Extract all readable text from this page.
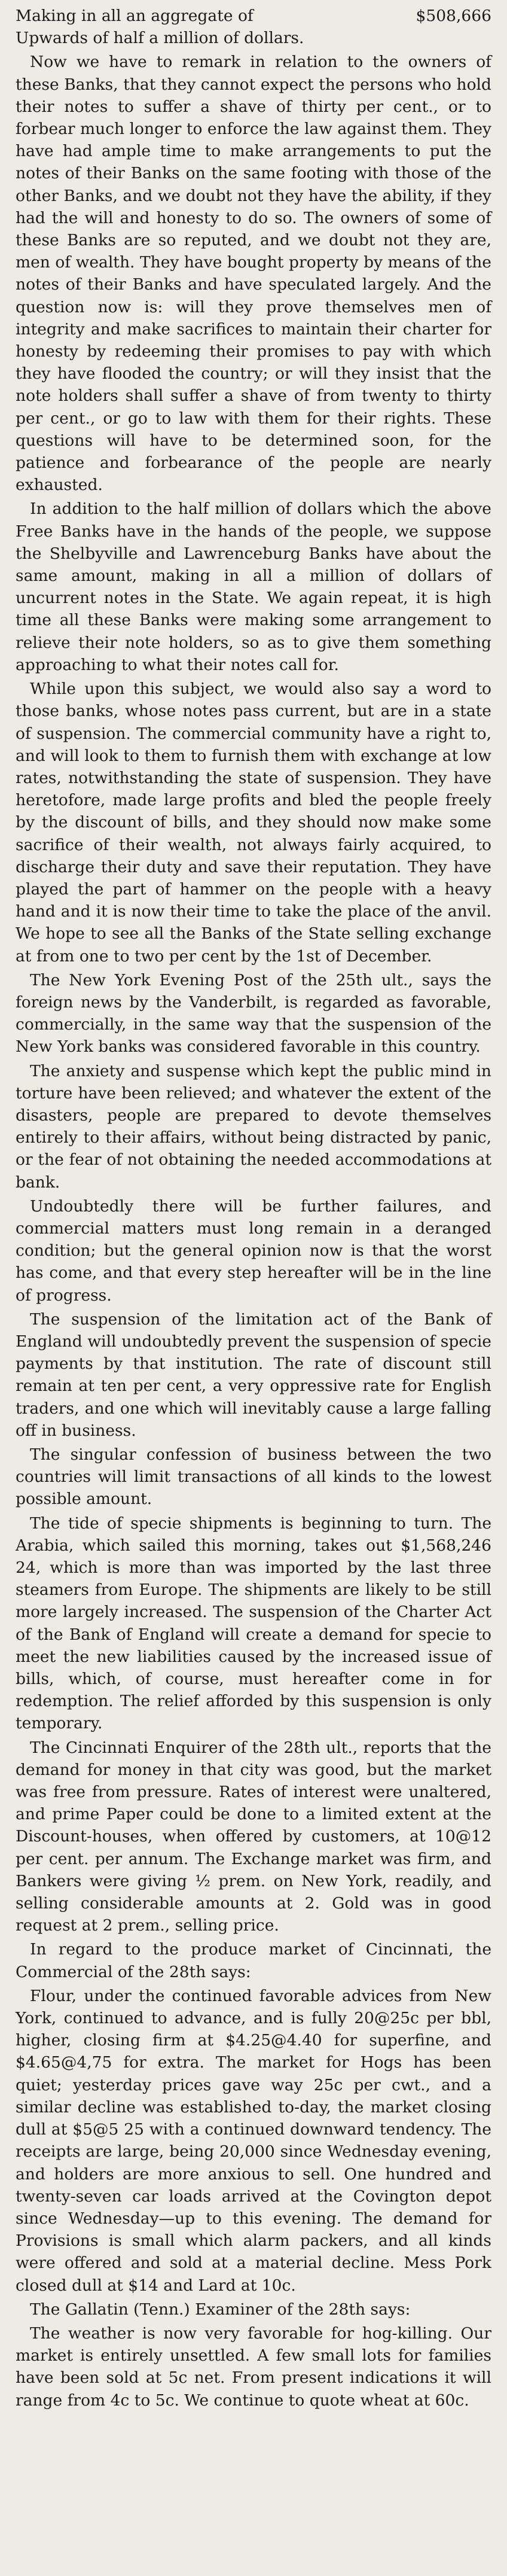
Making in all an aggregate of	$508,666

Upwards of half a million of dollars.

Now we have to remark in relation to the owners of these Banks, that they cannot expect the persons who hold their notes to suffer a shave of thirty per cent., or to forbear much longer to enforce the law against them. They have had ample time to make arrangements to put the notes of their Banks on the same footing with those of the other Banks, and we doubt not they have the ability, if they had the will and honesty to do so. The owners of some of these Banks are so reputed, and we doubt not they are, men of wealth. They have bought property by means of the notes of their Banks and have speculated largely. And the question now is: will they prove themselves men of integrity and make sacrifices to maintain their charter for honesty by redeeming their promises to pay with which they have flooded the country; or will they insist that the note holders shall suffer a shave of from twenty to thirty per cent., or go to law with them for their rights. These questions will have to be determined soon, for the patience and forbearance of the people are nearly exhausted.

In addition to the half million of dollars which the above Free Banks have in the hands of the people, we suppose the Shelbyville and Lawrenceburg Banks have about the same amount, making in all a million of dollars of uncurrent notes in the State. We again repeat, it is high time all these Banks were making some arrangement to relieve their note holders, so as to give them something approaching to what their notes call for.

While upon this subject, we would also say a word to those banks, whose notes pass current, but are in a state of suspension. The commercial community have a right to, and will look to them to furnish them with exchange at low rates, notwithstanding the state of suspension. They have heretofore, made large profits and bled the people freely by the discount of bills, and they should now make some sacrifice of their wealth, not always fairly acquired, to discharge their duty and save their reputation. They have played the part of hammer on the people with a heavy hand and it is now their time to take the place of the anvil. We hope to see all the Banks of the State selling exchange at from one to two per cent by the 1st of December.

The New York Evening Post of the 25th ult., says the foreign news by the Vanderbilt, is regarded as favorable, commercially, in the same way that the suspension of the New York banks was considered favorable in this country.

The anxiety and suspense which kept the public mind in torture have been relieved; and whatever the extent of the disasters, people are prepared to devote themselves entirely to their affairs, without being distracted by panic, or the fear of not obtaining the needed accommodations at bank.

Undoubtedly there will be further failures, and commercial matters must long remain in a deranged condition; but the general opinion now is that the worst has come, and that every step hereafter will be in the line of progress.

The suspension of the limitation act of the Bank of England will undoubtedly prevent the suspension of specie payments by that institution. The rate of discount still remain at ten per cent, a very oppressive rate for English traders, and one which will inevitably cause a large falling off in business.

The singular confession of business between the two countries will limit transactions of all kinds to the lowest possible amount.

The tide of specie shipments is beginning to turn. The Arabia, which sailed this morning, takes out $1,568,246 24, which is more than was imported by the last three steamers from Europe. The shipments are likely to be still more largely increased. The suspension of the Charter Act of the Bank of England will create a demand for specie to meet the new liabilities caused by the increased issue of bills, which, of course, must hereafter come in for redemption. The relief afforded by this suspension is only temporary.

The Cincinnati Enquirer of the 28th ult., reports that the demand for money in that city was good, but the market was free from pressure. Rates of interest were unaltered, and prime Paper could be done to a limited extent at the Discount-houses, when offered by customers, at 10@12 per cent. per annum. The Exchange market was firm, and Bankers were giving ½ prem. on New York, readily, and selling considerable amounts at 2. Gold was in good request at 2 prem., selling price.

In regard to the produce market of Cincinnati, the Commercial of the 28th says:

Flour, under the continued favorable advices from New York, continued to advance, and is fully 20@25c per bbl, higher, closing firm at $4.25@4.40 for superfine, and $4.65@4,75 for extra. The market for Hogs has been quiet; yesterday prices gave way 25c per cwt., and a similar decline was established to-day, the market closing dull at $5@5 25 with a continued downward tendency. The receipts are large, being 20,000 since Wednesday evening, and holders are more anxious to sell. One hundred and twenty-seven car loads arrived at the Covington depot since Wednesday—up to this evening. The demand for Provisions is small which alarm packers, and all kinds were offered and sold at a material decline. Mess Pork closed dull at $14 and Lard at 10c.

The Gallatin (Tenn.) Examiner of the 28th says:

The weather is now very favorable for hog-killing. Our market is entirely unsettled. A few small lots for families have been sold at 5c net. From present indications it will range from 4c to 5c. We continue to quote wheat at 60c.
